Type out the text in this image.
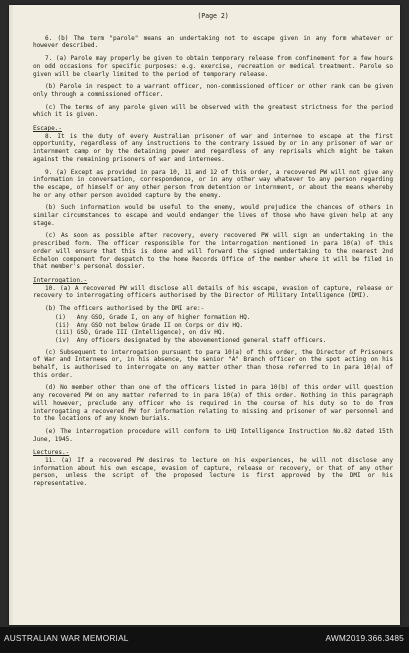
(Page 2)
6. (b) The term "parole" means an undertaking not to escape given in any form whatever or however described.
7. (a) Parole may properly be given to obtain temporary release from confinement for a few hours on odd occasions for specific purposes: e.g. exercise, recreation or medical treatment. Parole so given will be clearly limited to the period of temporary release.
(b) Parole in respect to a warrant officer, non-commissioned officer or other rank can be given only through a commissioned officer.
(c) The terms of any parole given will be observed with the greatest strictness for the period which it is given.
Escape.-
8. It is the duty of every Australian prisoner of war and internee to escape at the first opportunity, regardless of any instructions to the contrary issued by or in any prisoner of war or internment camp or by the detaining power and regardless of any reprisals which might be taken against the remaining prisoners of war and internees.
9. (a) Except as provided in para 10, 11 and 12 of this order, a recovered PW will not give any information in conversation, correspondence, or in any other way whatever to any person regarding the escape, of himself or any other person from detention or internment, or about the means whereby he or any other person avoided capture by the enemy.
(b) Such information would be useful to the enemy, would prejudice the chances of others in similar circumstances to escape and would endanger the lives of those who have given help at any stage.
(c) As soon as possible after recovery, every recovered PW will sign an undertaking in the prescribed form. The officer responsible for the interrogation mentioned in para 10(a) of this order will ensure that this is done and will forward the signed undertaking to the nearest 2nd Echelon component for despatch to the home Records Office of the member where it will be filed in that member's personal dossier.
Interrogation.-
10. (a) A recovered PW will disclose all details of his escape, evasion of capture, release or recovery to interrogating officers authorised by the Director of Military Intelligence (DMI).
(b) The officers authorised by the DMI are:-
(i)   Any GSO, Grade I, on any of higher formation HQ.
(ii)  Any GSO not below Grade II on Corps or div HQ.
(iii) GSO, Grade III (Intelligence), on div HQ.
(iv)  Any officers designated by the abovementioned general staff officers.
(c) Subsequent to interrogation pursuant to para 10(a) of this order, the Director of Prisoners of War and Internees or, in his absence, the senior "A" Branch officer on the spot acting on his behalf, is authorised to interrogate on any matter other than those referred to in para 10(a) of this order.
(d) No member other than one of the officers listed in para 10(b) of this order will question any recovered PW on any matter referred to in para 10(a) of this order. Nothing in this paragraph will however, preclude any officer who is required in the course of his duty so to do from interrogating a recovered PW for information relating to missing and prisoner of war personnel and to the locations of any known burials.
(e) The interrogation procedure will conform to LHQ Intelligence Instruction No.82 dated 15th June, 1945.
Lectures.-
11. (a) If a recovered PW desires to lecture on his experiences, he will not disclose any information about his own escape, evasion of capture, release or recovery, or that of any other person, unless the script of the proposed lecture is first approved by the DMI or his representative.
AUSTRALIAN WAR MEMORIAL	AWM2019.366.3485
